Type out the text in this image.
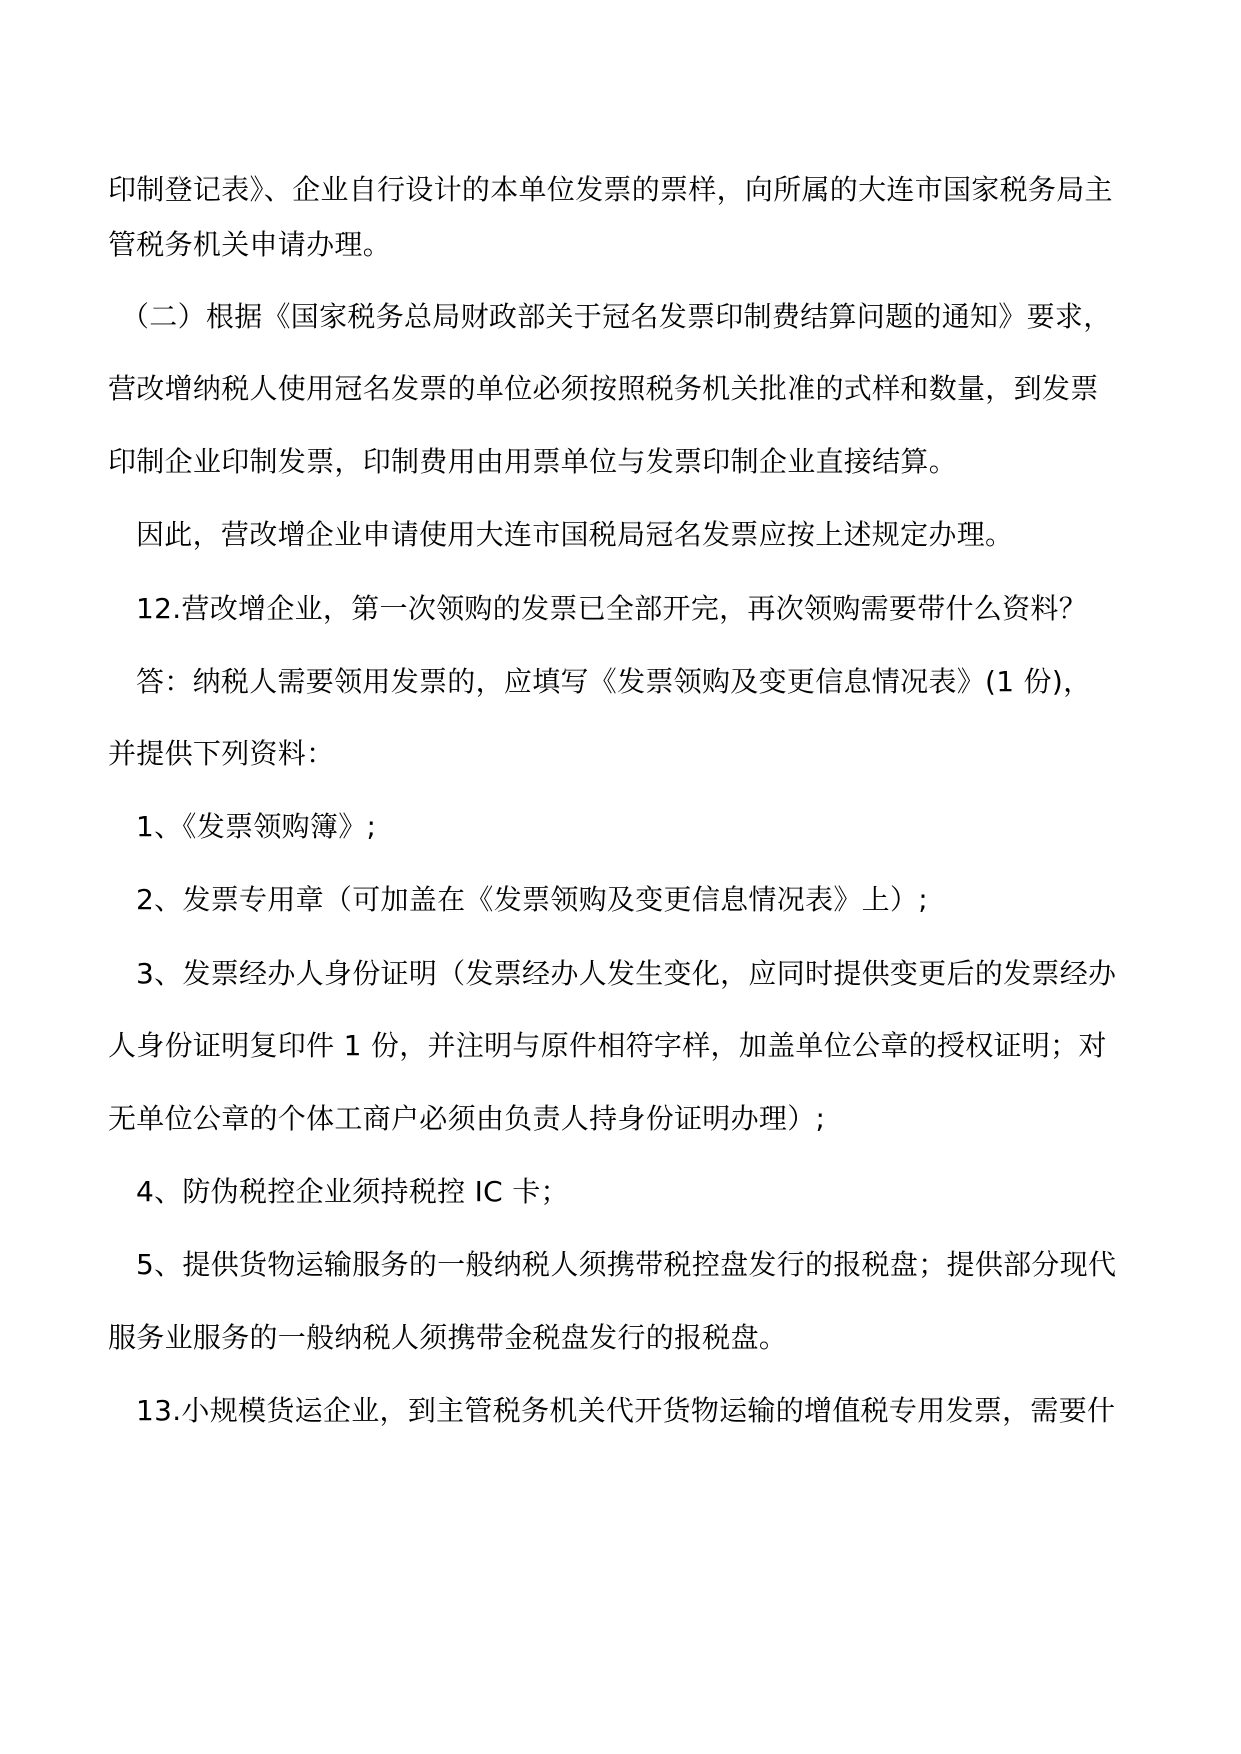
印制登记表》、企业自行设计的本单位发票的票样，向所属的大连市国家税务局主
管税务机关申请办理。
（二）根据《国家税务总局财政部关于冠名发票印制费结算问题的通知》要求，
营改增纳税人使用冠名发票的单位必须按照税务机关批准的式样和数量，到发票
印制企业印制发票，印制费用由用票单位与发票印制企业直接结算。
因此，营改增企业申请使用大连市国税局冠名发票应按上述规定办理。
12.营改增企业，第一次领购的发票已全部开完，再次领购需要带什么资料？
答：纳税人需要领用发票的，应填写《发票领购及变更信息情况表》(1 份)，
并提供下列资料：
1、《发票领购簿》;
2、发票专用章（可加盖在《发票领购及变更信息情况表》上）;
3、发票经办人身份证明（发票经办人发生变化，应同时提供变更后的发票经办
人身份证明复印件 1 份，并注明与原件相符字样，加盖单位公章的授权证明；对
无单位公章的个体工商户必须由负责人持身份证明办理）;
4、防伪税控企业须持税控 IC 卡；
5、提供货物运输服务的一般纳税人须携带税控盘发行的报税盘；提供部分现代
服务业服务的一般纳税人须携带金税盘发行的报税盘。
13.小规模货运企业，到主管税务机关代开货物运输的增值税专用发票，需要什
